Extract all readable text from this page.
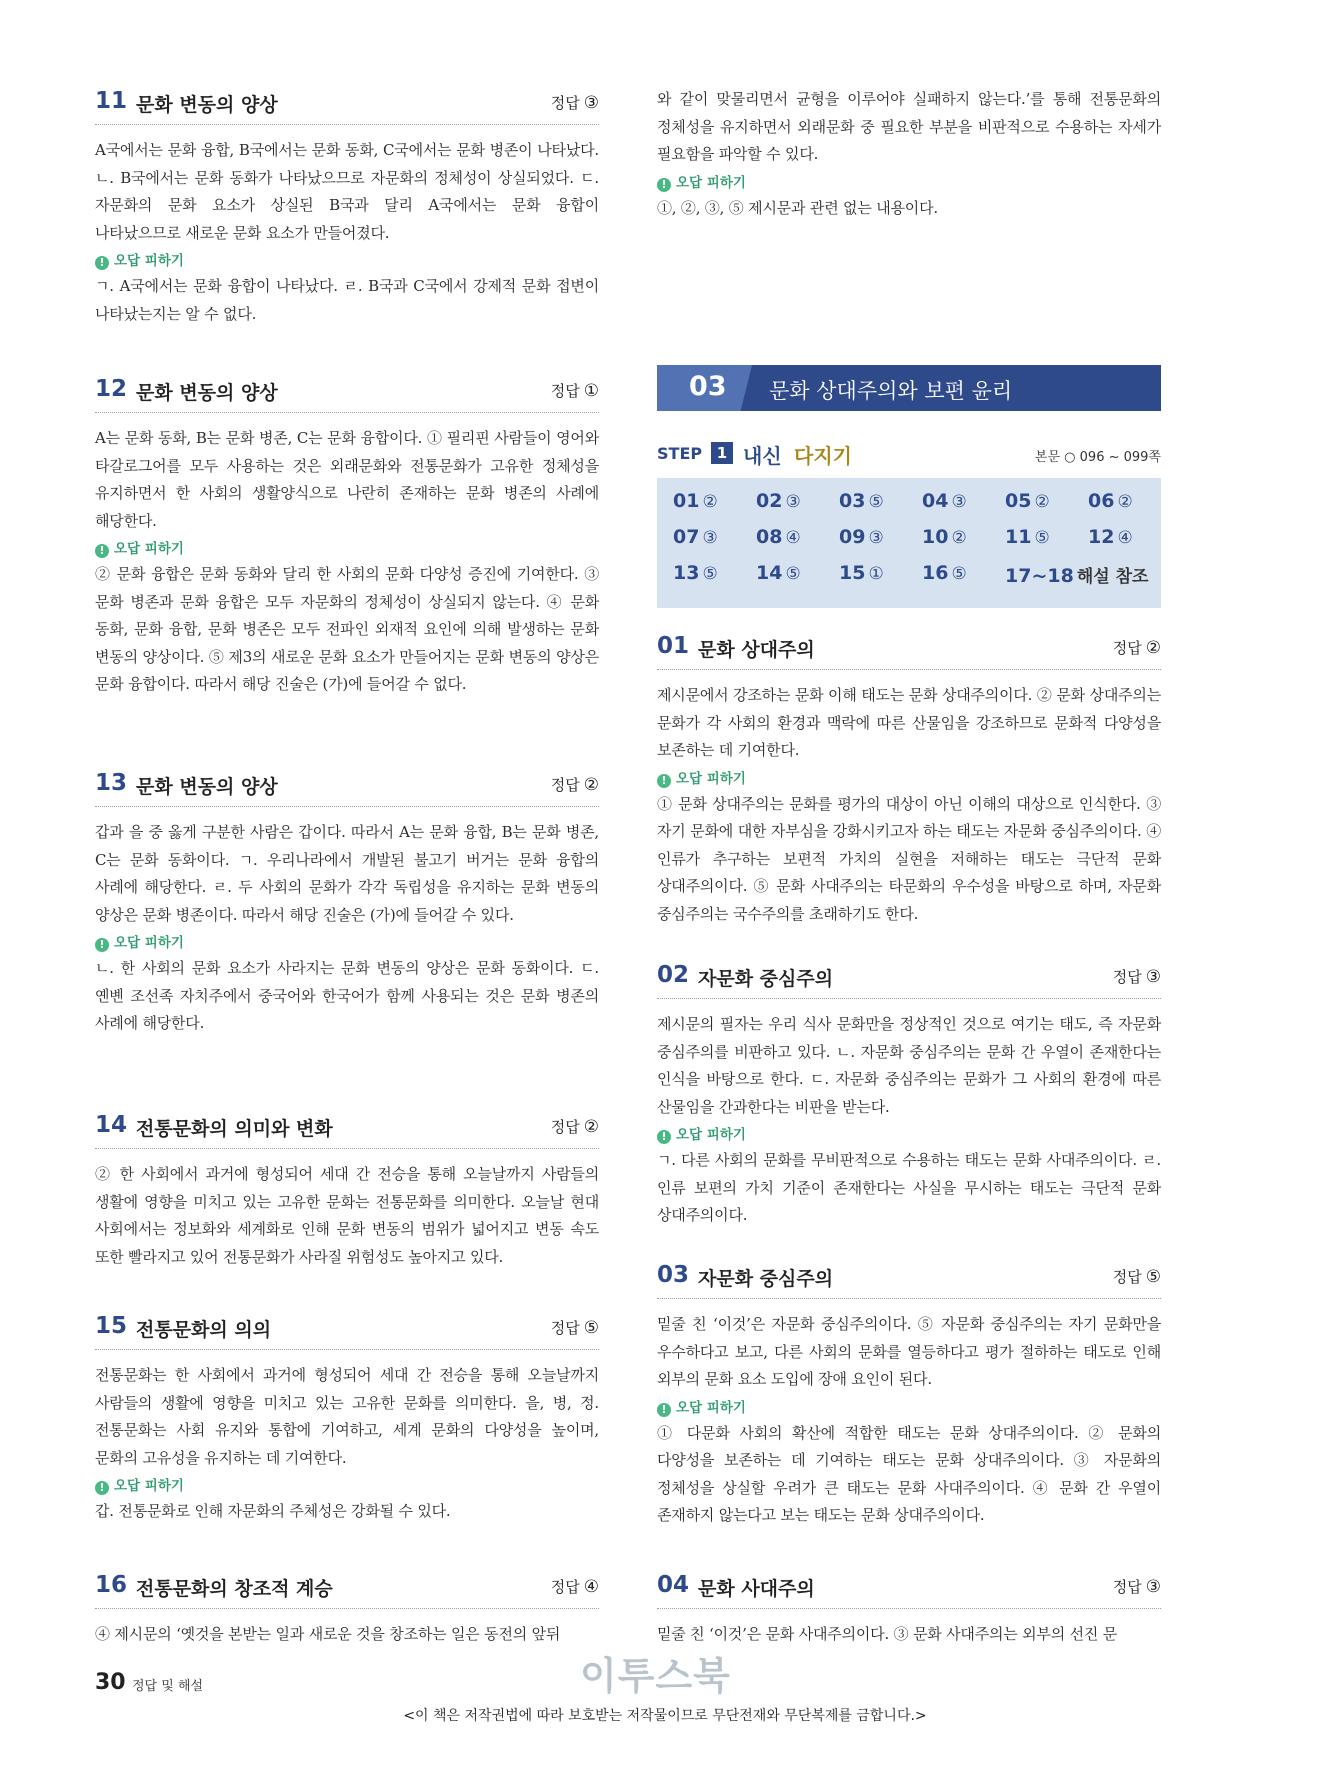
11 문화 변동의 양상	정답 ③

A국에서는 문화 융합, B국에서는 문화 동화, C국에서는 문화 병존이 나타났다. ㄴ. B국에서는 문화 동화가 나타났으므로 자문화의 정체성이 상실되었다. ㄷ. 자문화의 문화 요소가 상실된 B국과 달리 A국에서는 문화 융합이 나타났으므로 새로운 문화 요소가 만들어졌다.

! 오답 피하기

ㄱ. A국에서는 문화 융합이 나타났다. ㄹ. B국과 C국에서 강제적 문화 접변이 나타났는지는 알 수 없다.

12 문화 변동의 양상	정답 ①

A는 문화 동화, B는 문화 병존, C는 문화 융합이다. ① 필리핀 사람들이 영어와 타갈로그어를 모두 사용하는 것은 외래문화와 전통문화가 고유한 정체성을 유지하면서 한 사회의 생활양식으로 나란히 존재하는 문화 병존의 사례에 해당한다.

! 오답 피하기

② 문화 융합은 문화 동화와 달리 한 사회의 문화 다양성 증진에 기여한다. ③ 문화 병존과 문화 융합은 모두 자문화의 정체성이 상실되지 않는다. ④ 문화 동화, 문화 융합, 문화 병존은 모두 전파인 외재적 요인에 의해 발생하는 문화 변동의 양상이다. ⑤ 제3의 새로운 문화 요소가 만들어지는 문화 변동의 양상은 문화 융합이다. 따라서 해당 진술은 (가)에 들어갈 수 없다.

13 문화 변동의 양상	정답 ②

갑과 을 중 옳게 구분한 사람은 갑이다. 따라서 A는 문화 융합, B는 문화 병존, C는 문화 동화이다. ㄱ. 우리나라에서 개발된 불고기 버거는 문화 융합의 사례에 해당한다. ㄹ. 두 사회의 문화가 각각 독립성을 유지하는 문화 변동의 양상은 문화 병존이다. 따라서 해당 진술은 (가)에 들어갈 수 있다.

! 오답 피하기

ㄴ. 한 사회의 문화 요소가 사라지는 문화 변동의 양상은 문화 동화이다. ㄷ. 옌볜 조선족 자치주에서 중국어와 한국어가 함께 사용되는 것은 문화 병존의 사례에 해당한다.

14 전통문화의 의미와 변화	정답 ②

② 한 사회에서 과거에 형성되어 세대 간 전승을 통해 오늘날까지 사람들의 생활에 영향을 미치고 있는 고유한 문화는 전통문화를 의미한다. 오늘날 현대 사회에서는 정보화와 세계화로 인해 문화 변동의 범위가 넓어지고 변동 속도 또한 빨라지고 있어 전통문화가 사라질 위험성도 높아지고 있다.

15 전통문화의 의의	정답 ⑤

전통문화는 한 사회에서 과거에 형성되어 세대 간 전승을 통해 오늘날까지 사람들의 생활에 영향을 미치고 있는 고유한 문화를 의미한다. 을, 병, 정. 전통문화는 사회 유지와 통합에 기여하고, 세계 문화의 다양성을 높이며, 문화의 고유성을 유지하는 데 기여한다.

! 오답 피하기

갑. 전통문화로 인해 자문화의 주체성은 강화될 수 있다.

16 전통문화의 창조적 계승	정답 ④

④ 제시문의 ‘옛것을 본받는 일과 새로운 것을 창조하는 일은 동전의 앞뒤

와 같이 맞물리면서 균형을 이루어야 실패하지 않는다.’를 통해 전통문화의 정체성을 유지하면서 외래문화 중 필요한 부분을 비판적으로 수용하는 자세가 필요함을 파악할 수 있다.

! 오답 피하기

①, ②, ③, ⑤ 제시문과 관련 없는 내용이다.

03 문화 상대주의와 보편 윤리
STEP 1 내신 다지기	본문 ○ 096 ~ 099쪽
01 ② 02 ③ 03 ⑤ 04 ③ 05 ② 06 ②
07 ③ 08 ④ 09 ③ 10 ② 11 ⑤ 12 ④
13 ⑤ 14 ⑤ 15 ① 16 ⑤ 17~18 해설 참조
01 문화 상대주의	정답 ②

제시문에서 강조하는 문화 이해 태도는 문화 상대주의이다. ② 문화 상대주의는 문화가 각 사회의 환경과 맥락에 따른 산물임을 강조하므로 문화적 다양성을 보존하는 데 기여한다.

! 오답 피하기

① 문화 상대주의는 문화를 평가의 대상이 아닌 이해의 대상으로 인식한다. ③ 자기 문화에 대한 자부심을 강화시키고자 하는 태도는 자문화 중심주의이다. ④ 인류가 추구하는 보편적 가치의 실현을 저해하는 태도는 극단적 문화 상대주의이다. ⑤ 문화 사대주의는 타문화의 우수성을 바탕으로 하며, 자문화 중심주의는 국수주의를 초래하기도 한다.

02 자문화 중심주의	정답 ③

제시문의 필자는 우리 식사 문화만을 정상적인 것으로 여기는 태도, 즉 자문화 중심주의를 비판하고 있다. ㄴ. 자문화 중심주의는 문화 간 우열이 존재한다는 인식을 바탕으로 한다. ㄷ. 자문화 중심주의는 문화가 그 사회의 환경에 따른 산물임을 간과한다는 비판을 받는다.

! 오답 피하기

ㄱ. 다른 사회의 문화를 무비판적으로 수용하는 태도는 문화 사대주의이다. ㄹ. 인류 보편의 가치 기준이 존재한다는 사실을 무시하는 태도는 극단적 문화 상대주의이다.

03 자문화 중심주의	정답 ⑤

밑줄 친 ‘이것’은 자문화 중심주의이다. ⑤ 자문화 중심주의는 자기 문화만을 우수하다고 보고, 다른 사회의 문화를 열등하다고 평가 절하하는 태도로 인해 외부의 문화 요소 도입에 장애 요인이 된다.

! 오답 피하기

① 다문화 사회의 확산에 적합한 태도는 문화 상대주의이다. ② 문화의 다양성을 보존하는 데 기여하는 태도는 문화 상대주의이다. ③ 자문화의 정체성을 상실할 우려가 큰 태도는 문화 사대주의이다. ④ 문화 간 우열이 존재하지 않는다고 보는 태도는 문화 상대주의이다.

04 문화 사대주의	정답 ③

밑줄 친 ‘이것’은 문화 사대주의이다. ③ 문화 사대주의는 외부의 선진 문

30 정답 및 해설	이투스북
<이 책은 저작권법에 따라 보호받는 저작물이므로 무단전재와 무단복제를 금합니다.>
